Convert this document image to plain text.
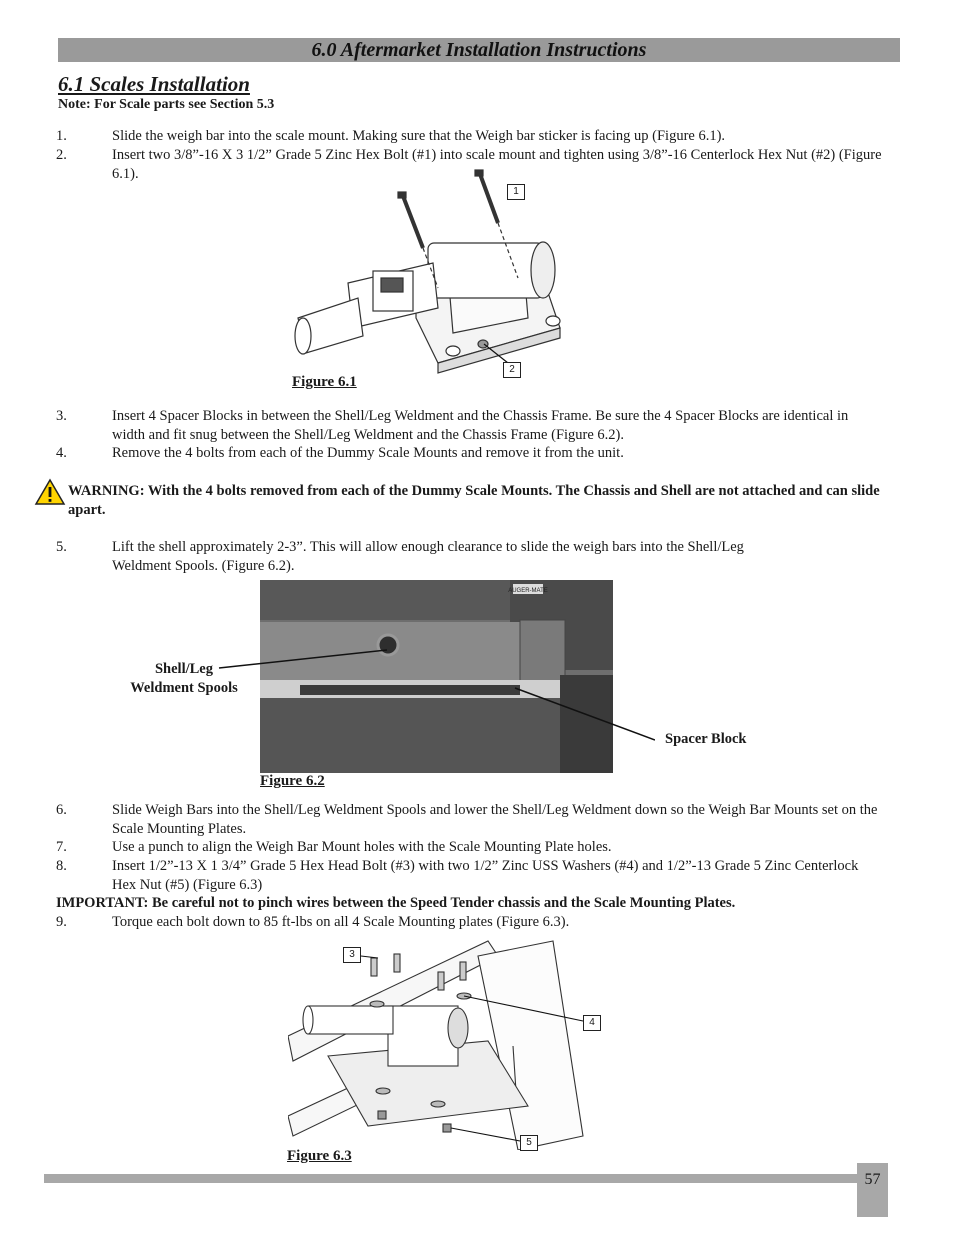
6.0 Aftermarket Installation Instructions
6.1 Scales Installation
Note: For Scale parts see Section 5.3
1.	Slide the weigh bar into the scale mount. Making sure that the Weigh bar sticker is facing up (Figure 6.1).
2.	Insert two 3/8”-16 X 3 1/2” Grade 5 Zinc Hex Bolt (#1) into scale mount and tighten using 3/8”-16 Centerlock Hex Nut (#2) (Figure 6.1).
1
2
Figure 6.1
3.	Insert 4 Spacer Blocks in between the Shell/Leg Weldment and the Chassis Frame. Be sure the 4 Spacer Blocks are identical in width and fit snug between the Shell/Leg Weldment and the Chassis Frame (Figure 6.2).
4.	Remove the 4 bolts from each of the Dummy Scale Mounts and remove it from the unit.
WARNING: With the 4 bolts removed from each of the Dummy Scale Mounts. The Chassis and Shell are not attached and can slide apart.
5.	Lift the shell approximately 2-3”. This will allow enough clearance to slide the weigh bars into the Shell/Leg Weldment Spools. (Figure 6.2).
AUGER-MATE
Shell/Leg
Weldment Spools
Spacer Block
Figure 6.2
6.	Slide Weigh Bars into the Shell/Leg Weldment Spools and lower the Shell/Leg Weldment down so the Weigh Bar Mounts set on the Scale Mounting Plates.
7.	Use a punch to align the Weigh Bar Mount holes with the Scale Mounting Plate holes.
8.	Insert 1/2”-13 X 1 3/4” Grade 5 Hex Head Bolt (#3) with two 1/2” Zinc USS Washers (#4) and 1/2”-13 Grade 5 Zinc Centerlock Hex Nut (#5) (Figure 6.3)
IMPORTANT: Be careful not to pinch wires between the Speed Tender chassis and the Scale Mounting Plates.
9.	Torque each bolt down to 85 ft-lbs on all 4 Scale Mounting plates (Figure 6.3).
3
4
5
Figure 6.3
57
